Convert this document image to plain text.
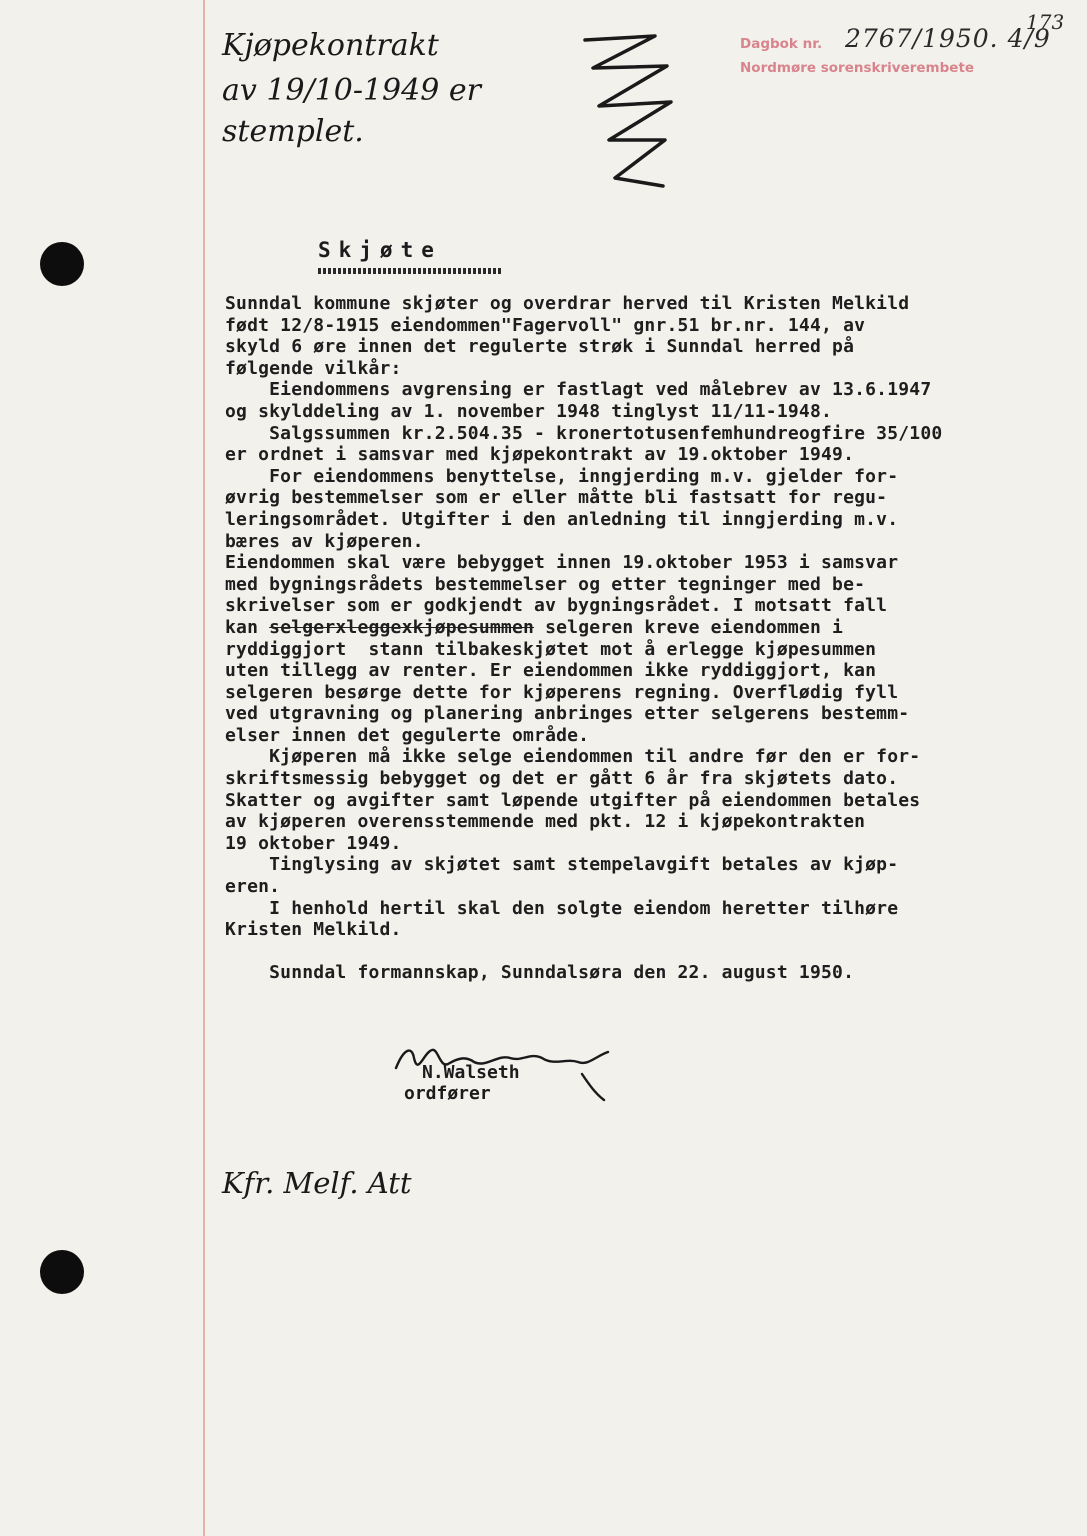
Kjøpekontrakt
av 19/10-1949 er
stemplet.
Dagbok nr.
Nordmøre sorenskriverembete
2767/1950. 4/9
173
Skjøte
Sunndal kommune skjøter og overdrar herved til Kristen Melkild
født 12/8-1915 eiendommen"Fagervoll" gnr.51 br.nr. 144, av
skyld 6 øre innen det regulerte strøk i Sunndal herred på
følgende vilkår:
Eiendommens avgrensing er fastlagt ved målebrev av 13.6.1947
og skylddeling av 1. november 1948 tinglyst 11/11-1948.
Salgssummen kr.2.504.35 - kronertotusenfemhundreogfire 35/100
er ordnet i samsvar med kjøpekontrakt av 19.oktober 1949.
For eiendommens benyttelse, inngjerding m.v. gjelder for-
øvrig bestemmelser som er eller måtte bli fastsatt for regu-
leringsområdet. Utgifter i den anledning til inngjerding m.v.
bæres av kjøperen.
Eiendommen skal være bebygget innen 19.oktober 1953 i samsvar
med bygningsrådets bestemmelser og etter tegninger med be-
skrivelser som er godkjendt av bygningsrådet. I motsatt fall
kan selgerxleggexkjøpesummen selgeren kreve eiendommen i
ryddiggjort  stann tilbakeskjøtet mot å erlegge kjøpesummen
uten tillegg av renter. Er eiendommen ikke ryddiggjort, kan
selgeren besørge dette for kjøperens regning. Overflødig fyll
ved utgravning og planering anbringes etter selgerens bestemm-
elser innen det gegulerte område.
Kjøperen må ikke selge eiendommen til andre før den er for-
skriftsmessig bebygget og det er gått 6 år fra skjøtets dato.
Skatter og avgifter samt løpende utgifter på eiendommen betales
av kjøperen overensstemmende med pkt. 12 i kjøpekontrakten
19 oktober 1949.
Tinglysing av skjøtet samt stempelavgift betales av kjøp-
eren.
I henhold hertil skal den solgte eiendom heretter tilhøre
Kristen Melkild.
Sunndal formannskap, Sunndalsøra den 22. august 1950.
N.Walseth
ordfører
Kfr. Melf. Att
